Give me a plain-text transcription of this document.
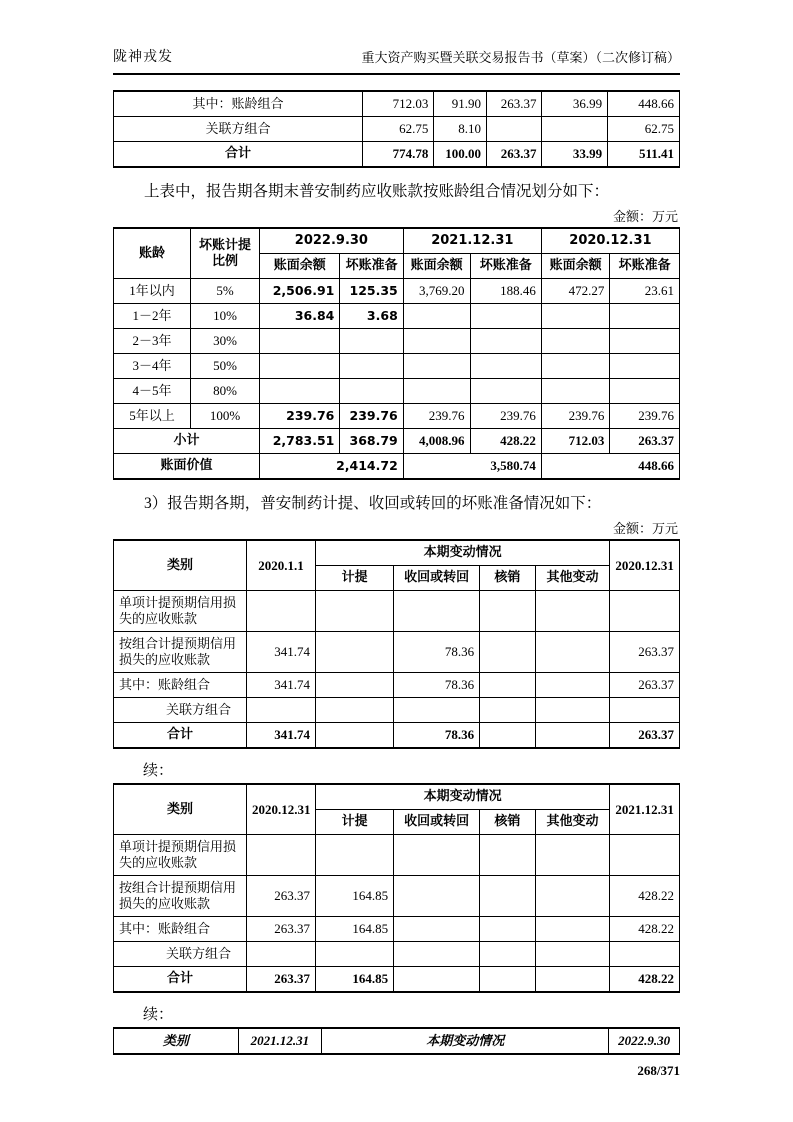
陇神戎发	重大资产购买暨关联交易报告书（草案）（二次修订稿）
其中：账龄组合	712.03	91.90	263.37	36.99	448.66
关联方组合	62.75	8.10			62.75
合计	774.78	100.00	263.37	33.99	511.41

上表中，报告期各期末普安制药应收账款按账龄组合情况划分如下：

金额：万元
账龄	坏账计提比例	2022.9.30		2021.12.31		2020.12.31	
		账面余额	坏账准备	账面余额	坏账准备	账面余额	坏账准备
1年以内	5%	2,506.91	125.35	3,769.20	188.46	472.27	23.61
1－2年	10%	36.84	3.68				
2－3年	30%						
3－4年	50%						
4－5年	80%						
5年以上	100%	239.76	239.76	239.76	239.76	239.76	239.76
小计		2,783.51	368.79	4,008.96	428.22	712.03	263.37
账面价值		2,414.72		3,580.74		448.66	

3）报告期各期，普安制药计提、收回或转回的坏账准备情况如下：

金额：万元
类别	2020.1.1	本期变动情况				2020.12.31
		计提	收回或转回	核销	其他变动	
单项计提预期信用损失的应收账款						
按组合计提预期信用损失的应收账款	341.74		78.36			263.37
其中：账龄组合	341.74		78.36			263.37
关联方组合						
合计	341.74		78.36			263.37
续：
类别	2020.12.31	本期变动情况				2021.12.31
		计提	收回或转回	核销	其他变动	
单项计提预期信用损失的应收账款						
按组合计提预期信用损失的应收账款	263.37	164.85				428.22
其中：账龄组合	263.37	164.85				428.22
关联方组合						
合计	263.37	164.85				428.22
续：
类别	2021.12.31	本期变动情况	2022.9.30
268/371
